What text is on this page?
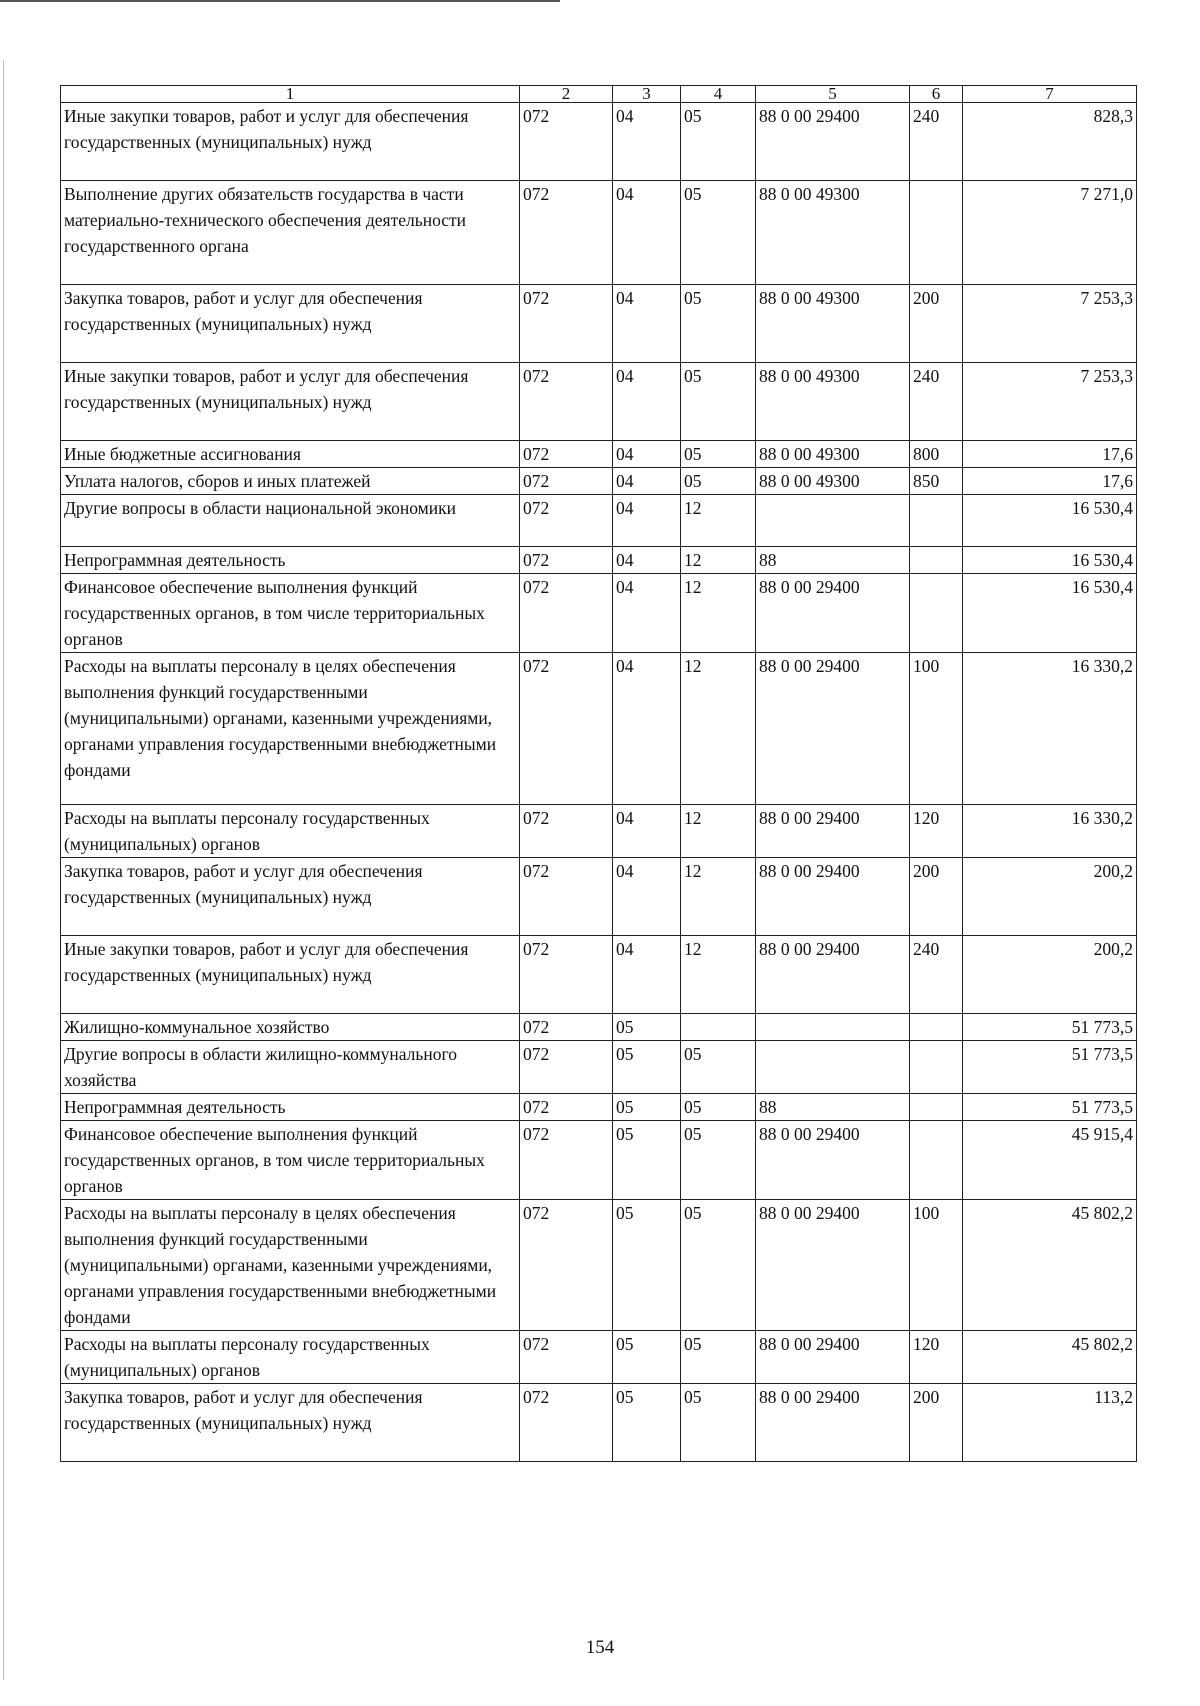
1	2	3	4	5	6	7
Иные закупки товаров, работ и услуг для обеспечения государственных (муниципальных) нужд	072	04	05	88 0 00 29400	240	828,3
Выполнение других обязательств государства в части материально-технического обеспечения деятельности государственного органа	072	04	05	88 0 00 49300		7 271,0
Закупка товаров, работ и услуг для обеспечения государственных (муниципальных) нужд	072	04	05	88 0 00 49300	200	7 253,3
Иные закупки товаров, работ и услуг для обеспечения государственных (муниципальных) нужд	072	04	05	88 0 00 49300	240	7 253,3
Иные бюджетные ассигнования	072	04	05	88 0 00 49300	800	17,6
Уплата налогов, сборов и иных платежей	072	04	05	88 0 00 49300	850	17,6
Другие вопросы в области национальной экономики	072	04	12			16 530,4
Непрограммная деятельность	072	04	12	88		16 530,4
Финансовое обеспечение выполнения функций государственных органов, в том числе территориальных органов	072	04	12	88 0 00 29400		16 530,4
Расходы на выплаты персоналу в целях обеспечения выполнения функций государственными (муниципальными) органами, казенными учреждениями, органами управления государственными внебюджетными фондами	072	04	12	88 0 00 29400	100	16 330,2
Расходы на выплаты персоналу государственных (муниципальных) органов	072	04	12	88 0 00 29400	120	16 330,2
Закупка товаров, работ и услуг для обеспечения государственных (муниципальных) нужд	072	04	12	88 0 00 29400	200	200,2
Иные закупки товаров, работ и услуг для обеспечения государственных (муниципальных) нужд	072	04	12	88 0 00 29400	240	200,2
Жилищно-коммунальное хозяйство	072	05				51 773,5
Другие вопросы в области жилищно-коммунального хозяйства	072	05	05			51 773,5
Непрограммная деятельность	072	05	05	88		51 773,5
Финансовое обеспечение выполнения функций государственных органов, в том числе территориальных органов	072	05	05	88 0 00 29400		45 915,4
Расходы на выплаты персоналу в целях обеспечения выполнения функций государственными (муниципальными) органами, казенными учреждениями, органами управления государственными внебюджетными фондами	072	05	05	88 0 00 29400	100	45 802,2
Расходы на выплаты персоналу государственных (муниципальных) органов	072	05	05	88 0 00 29400	120	45 802,2
Закупка товаров, работ и услуг для обеспечения государственных (муниципальных) нужд	072	05	05	88 0 00 29400	200	113,2
154
